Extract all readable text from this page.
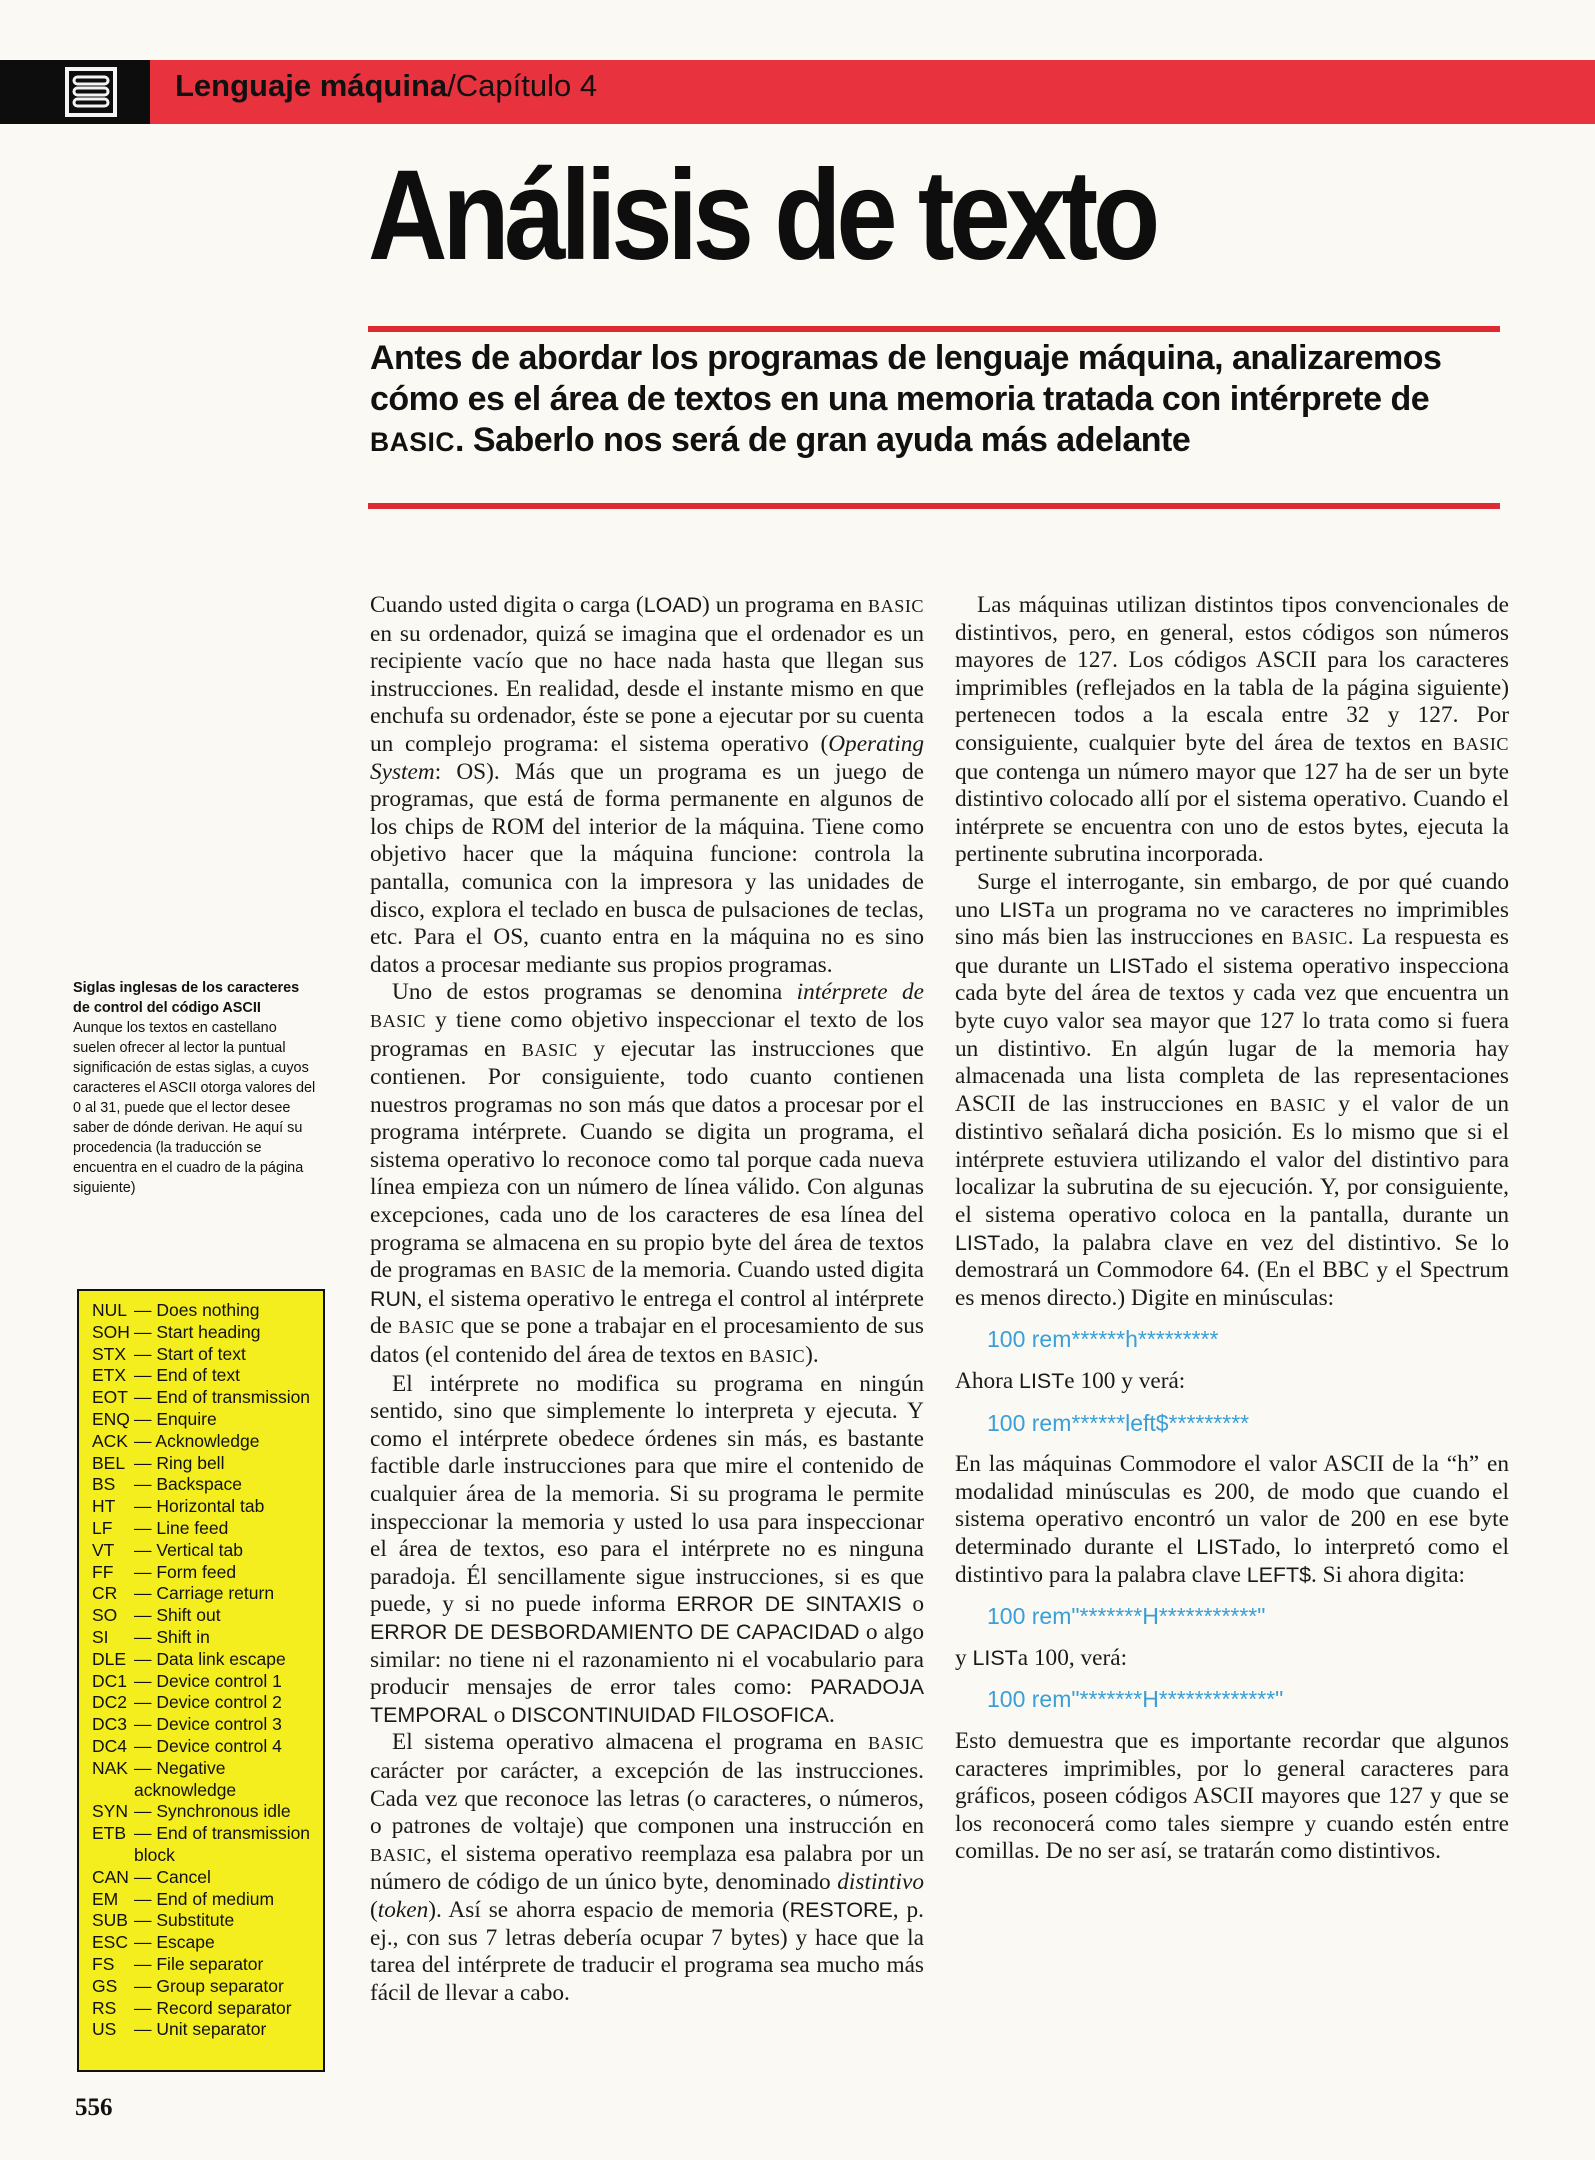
Lenguaje máquina/Capítulo 4
Análisis de texto

Antes de abordar los programas de lenguaje máquina, analizaremos cómo es el área de textos en una memoria tratada con intérprete de BASIC. Saberlo nos será de gran ayuda más adelante

Siglas inglesas de los caracteres de control del código ASCII
Aunque los textos en castellano suelen ofrecer al lector la puntual significación de estas siglas, a cuyos caracteres el ASCII otorga valores del 0 al 31, puede que el lector desee saber de dónde derivan. He aquí su procedencia (la traducción se encuentra en el cuadro de la página siguiente)
NUL — Does nothing
SOH — Start heading
STX — Start of text
ETX — End of text
EOT — End of transmission
ENQ — Enquire
ACK — Acknowledge
BEL — Ring bell
BS	— Backspace
HT	— Horizontal tab
LF	— Line feed
VT	— Vertical tab
FF	— Form feed
CR — Carriage return
SO — Shift out
SI	— Shift in
DLE — Data link escape
DC1 — Device control 1
DC2 — Device control 2
DC3 — Device control 3
DC4 — Device control 4
NAK — Negative acknowledge
SYN — Synchronous idle
ETB — End of transmission block
CAN — Cancel
EM — End of medium
SUB — Substitute
ESC — Escape
FS	— File separator
GS — Group separator
RS	— Record separator
US	— Unit separator

Cuando usted digita o carga (LOAD) un programa en BASIC en su ordenador, quizá se imagina que el ordenador es un recipiente vacío que no hace nada hasta que llegan sus instrucciones. En realidad, desde el instante mismo en que enchufa su ordenador, éste se pone a ejecutar por su cuenta un complejo programa: el sistema operativo (Operating System: OS). Más que un programa es un juego de programas, que está de forma permanente en algunos de los chips de ROM del interior de la máquina. Tiene como objetivo hacer que la máquina funcione: controla la pantalla, comunica con la impresora y las unidades de disco, explora el teclado en busca de pulsaciones de teclas, etc. Para el OS, cuanto entra en la máquina no es sino datos a procesar mediante sus propios programas.

Uno de estos programas se denomina intérprete de BASIC y tiene como objetivo inspeccionar el texto de los programas en BASIC y ejecutar las instrucciones que contienen. Por consiguiente, todo cuanto contienen nuestros programas no son más que datos a procesar por el programa intérprete. Cuando se digita un programa, el sistema operativo lo reconoce como tal porque cada nueva línea empieza con un número de línea válido. Con algunas excepciones, cada uno de los caracteres de esa línea del programa se almacena en su propio byte del área de textos de programas en BASIC de la memoria. Cuando usted digita RUN, el sistema operativo le entrega el control al intérprete de BASIC que se pone a trabajar en el procesamiento de sus datos (el contenido del área de textos en BASIC).

El intérprete no modifica su programa en ningún sentido, sino que simplemente lo interpreta y ejecuta. Y como el intérprete obedece órdenes sin más, es bastante factible darle instrucciones para que mire el contenido de cualquier área de la memoria. Si su programa le permite inspeccionar la memoria y usted lo usa para inspeccionar el área de textos, eso para el intérprete no es ninguna paradoja. Él sencillamente sigue instrucciones, si es que puede, y si no puede informa ERROR DE SINTAXIS o ERROR DE DESBORDAMIENTO DE CAPACIDAD o algo similar: no tiene ni el razonamiento ni el vocabulario para producir mensajes de error tales como: PARADOJA TEMPORAL o DISCONTINUIDAD FILOSOFICA.

El sistema operativo almacena el programa en BASIC carácter por carácter, a excepción de las instrucciones. Cada vez que reconoce las letras (o caracteres, o números, o patrones de voltaje) que componen una instrucción en BASIC, el sistema operativo reemplaza esa palabra por un número de código de un único byte, denominado distintivo (token). Así se ahorra espacio de memoria (RESTORE, p. ej., con sus 7 letras debería ocupar 7 bytes) y hace que la tarea del intérprete de traducir el programa sea mucho más fácil de llevar a cabo.

Las máquinas utilizan distintos tipos convencionales de distintivos, pero, en general, estos códigos son números mayores de 127. Los códigos ASCII para los caracteres imprimibles (reflejados en la tabla de la página siguiente) pertenecen todos a la escala entre 32 y 127. Por consiguiente, cualquier byte del área de textos en BASIC que contenga un número mayor que 127 ha de ser un byte distintivo colocado allí por el sistema operativo. Cuando el intérprete se encuentra con uno de estos bytes, ejecuta la pertinente subrutina incorporada.

Surge el interrogante, sin embargo, de por qué cuando uno LISTa un programa no ve caracteres no imprimibles sino más bien las instrucciones en BASIC. La respuesta es que durante un LISTado el sistema operativo inspecciona cada byte del área de textos y cada vez que encuentra un byte cuyo valor sea mayor que 127 lo trata como si fuera un distintivo. En algún lugar de la memoria hay almacenada una lista completa de las representaciones ASCII de las instrucciones en BASIC y el valor de un distintivo señalará dicha posición. Es lo mismo que si el intérprete estuviera utilizando el valor del distintivo para localizar la subrutina de su ejecución. Y, por consiguiente, el sistema operativo coloca en la pantalla, durante un LISTado, la palabra clave en vez del distintivo. Se lo demostrará un Commodore 64. (En el BBC y el Spectrum es menos directo.) Digite en minúsculas:

100 rem******h*********

Ahora LISTe 100 y verá:

100 rem******left$*********

En las máquinas Commodore el valor ASCII de la “h” en modalidad minúsculas es 200, de modo que cuando el sistema operativo encontró un valor de 200 en ese byte determinado durante el LISTado, lo interpretó como el distintivo para la palabra clave LEFT$. Si ahora digita:

100 rem"*******H***********"

y LISTa 100, verá:

100 rem"*******H*************"

Esto demuestra que es importante recordar que algunos caracteres imprimibles, por lo general caracteres para gráficos, poseen códigos ASCII mayores que 127 y que se los reconocerá como tales siempre y cuando estén entre comillas. De no ser así, se tratarán como distintivos.

556
